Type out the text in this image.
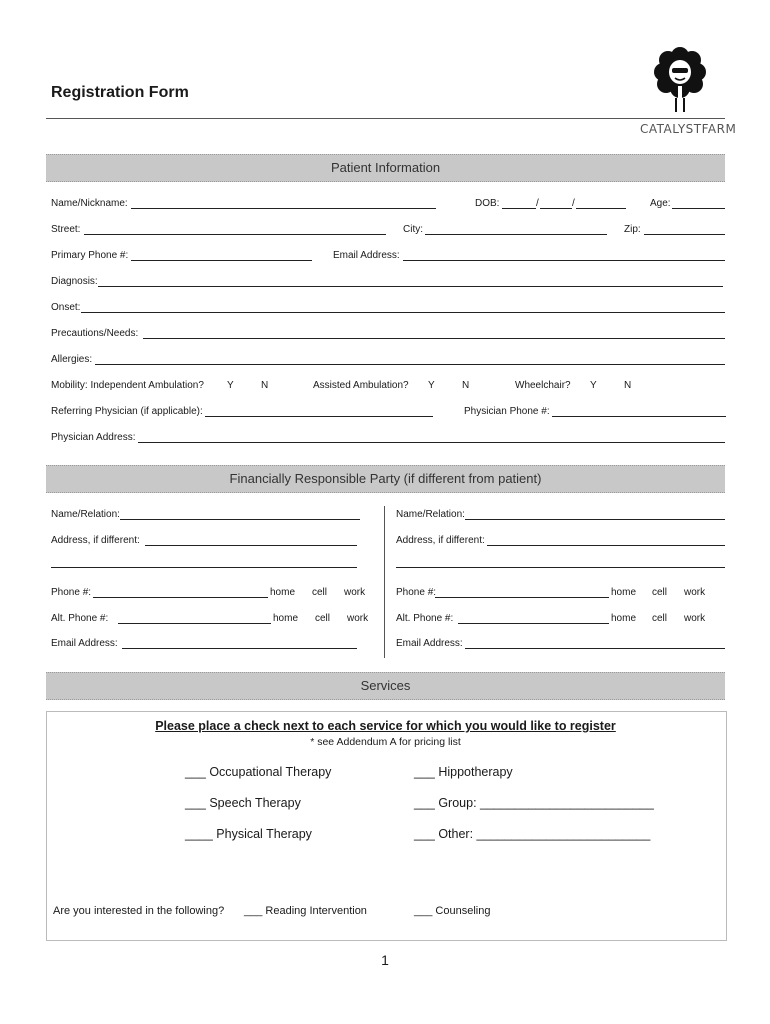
Registration Form
CATALYSTFARM
Patient Information
Name/Nickname:	DOB:	/	/	Age:
Street:	City:	Zip:
Primary Phone #:	Email Address:
Diagnosis:
Onset:
Precautions/Needs:
Allergies:
Mobility: Independent Ambulation? Y	N	Assisted Ambulation? Y	N	Wheelchair? Y	N
Referring Physician (if applicable):	Physician Phone #:
Physician Address:
Financially Responsible Party (if different from patient)
Name/Relation:
Address, if different:
Phone #:	home cell work
Alt. Phone #:	home cell work
Email Address:
Name/Relation:
Address, if different:
Phone #:	home cell work
Alt. Phone #:	home cell work
Email Address:
Services
Please place a check next to each service for which you would like to register
* see Addendum A for pricing list
___ Occupational Therapy	___ Hippotherapy
___ Speech Therapy	___ Group: _________________________
____ Physical Therapy	___ Other: _________________________
Are you interested in the following? ___ Reading Intervention	___ Counseling
1
